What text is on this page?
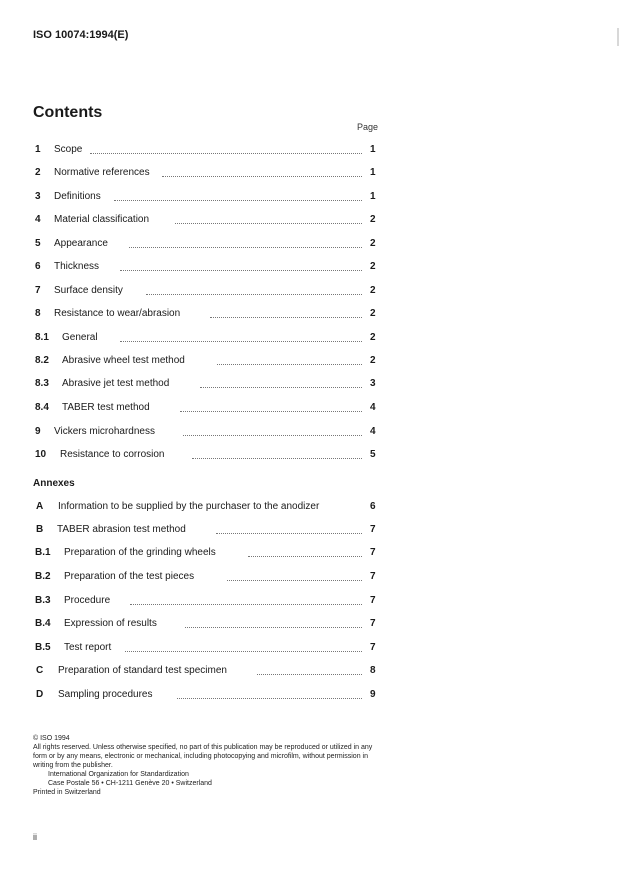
ISO 10074:1994(E)
Contents
Page
1 Scope	1
2 Normative references	1
3 Definitions	1
4 Material classification	2
5 Appearance	2
6 Thickness	2
7 Surface density	2
8 Resistance to wear/abrasion	2
8.1 General	2
8.2 Abrasive wheel test method	2
8.3 Abrasive jet test method	3
8.4 TABER test method	4
9 Vickers microhardness	4
10 Resistance to corrosion	5
Annexes
A Information to be supplied by the purchaser to the anodizer	6
B TABER abrasion test method	7
B.1 Preparation of the grinding wheels	7
B.2 Preparation of the test pieces	7
B.3 Procedure	7
B.4 Expression of results	7
B.5 Test report	7
C Preparation of standard test specimen	8
D Sampling procedures	9
© ISO 1994
All rights reserved. Unless otherwise specified, no part of this publication may be reproduced or utilized in any form or by any means, electronic or mechanical, including photocopying and microfilm, without permission in writing from the publisher.
International Organization for Standardization
Case Postale 56 • CH-1211 Genève 20 • Switzerland
Printed in Switzerland
ii
